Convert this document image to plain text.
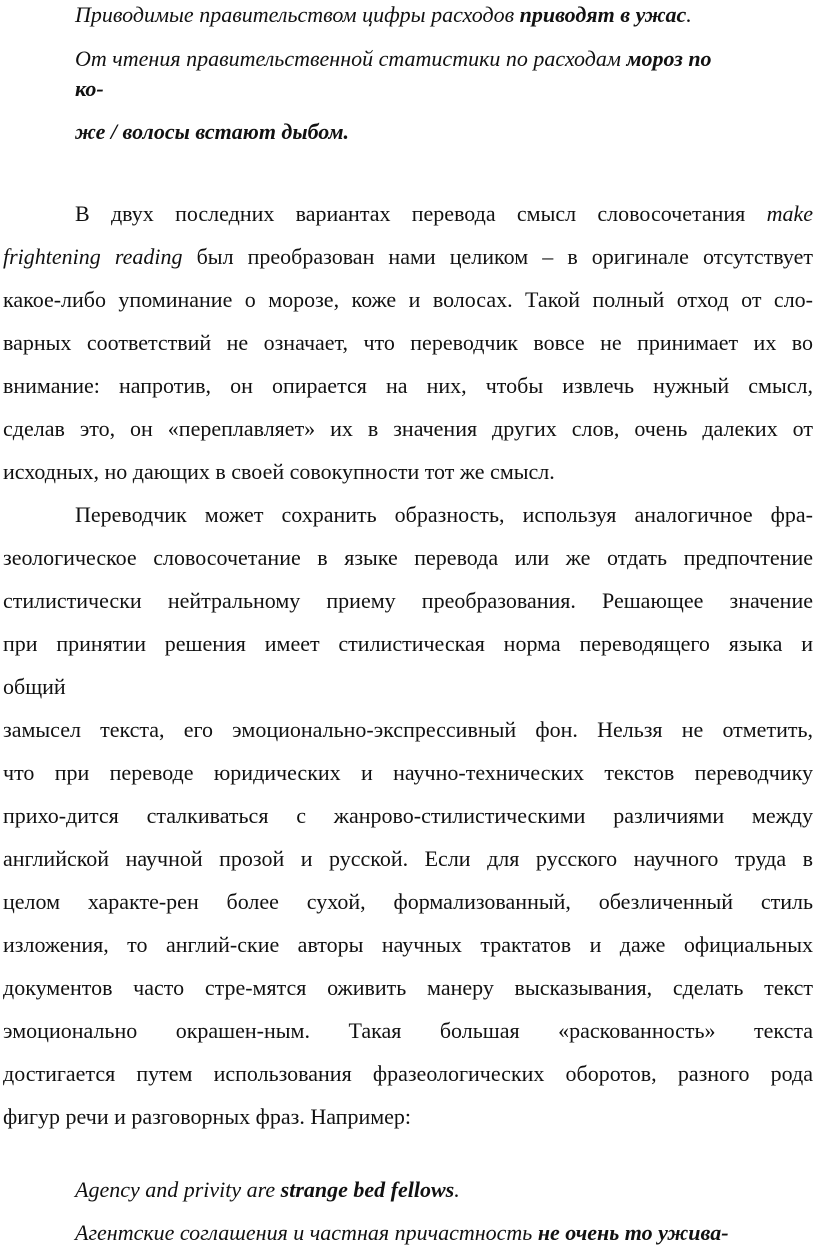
Приводимые правительством цифры расходов приводят в ужас.
От чтения правительственной статистики по расходам мороз по
ко-
же / волосы встают дыбом.
В двух последних вариантах перевода смысл словосочетания make
frightening reading был преобразован нами целиком – в оригинале отсутствует
какое-либо упоминание о морозе, коже и волосах. Такой полный отход от сло-
варных соответствий не означает, что переводчик вовсе не принимает их во
внимание: напротив, он опирается на них, чтобы извлечь нужный смысл,
сделав это, он «переплавляет» их в значения других слов, очень далеких от
исходных, но дающих в своей совокупности тот же смысл.
Переводчик может сохранить образность, используя аналогичное фра-
зеологическое словосочетание в языке перевода или же отдать предпочтение
стилистически нейтральному приему преобразования. Решающее значение
при принятии решения имеет стилистическая норма переводящего языка и
общий
замысел текста, его эмоционально-экспрессивный фон. Нельзя не отметить,
что при переводе юридических и научно-технических текстов переводчику
прихо-дится сталкиваться с жанрово-стилистическими различиями между
английской научной прозой и русской. Если для русского научного труда в
целом характе-рен более сухой, формализованный, обезличенный стиль
изложения, то англий-ские авторы научных трактатов и даже официальных
документов часто стре-мятся оживить манеру высказывания, сделать текст
эмоционально окрашен-ным. Такая большая «раскованность» текста
достигается путем использования фразеологических оборотов, разного рода
фигур речи и разговорных фраз. Например:
Agency and privity are strange bed fellows.
Агентские соглашения и частная причастность не очень то ужива-
